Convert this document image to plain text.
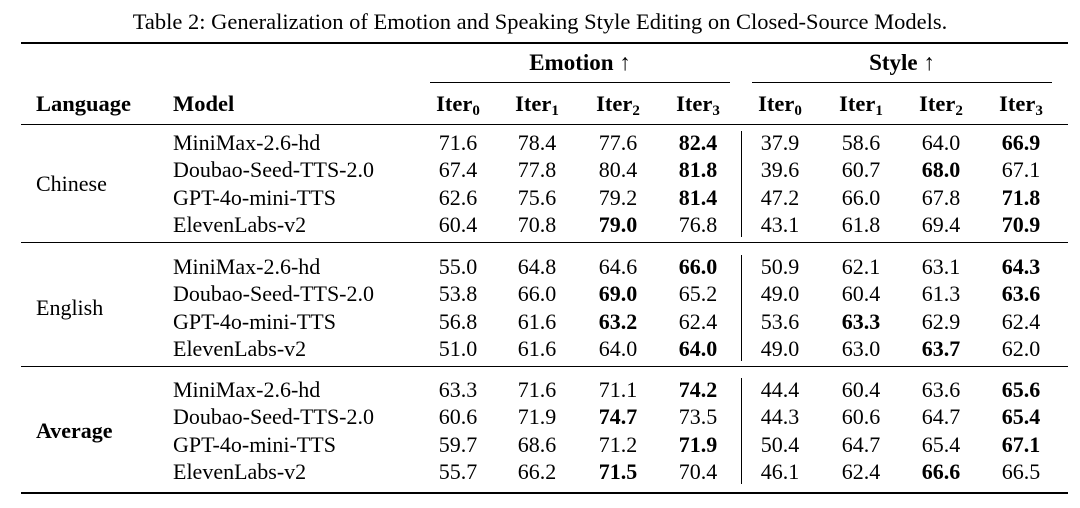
Table 2: Generalization of Emotion and Speaking Style Editing on Closed-Source Models.
Emotion ↑	Style ↑
Language Model	Iter$_0$	Iter$_1$	Iter$_2$	Iter$_3$	Iter$_0$	Iter$_1$	Iter$_2$	Iter$_3$
Chinese
MiniMax-2.6-hd	71.6	78.4	77.6	82.4	37.9	58.6	64.0	66.9
Doubao-Seed-TTS-2.0	67.4	77.8	80.4	81.8	39.6	60.7	68.0	67.1
GPT-4o-mini-TTS	62.6	75.6	79.2	81.4	47.2	66.0	67.8	71.8
ElevenLabs-v2	60.4	70.8	79.0	76.8	43.1	61.8	69.4	70.9
English
MiniMax-2.6-hd	55.0	64.8	64.6	66.0	50.9	62.1	63.1	64.3
Doubao-Seed-TTS-2.0	53.8	66.0	69.0	65.2	49.0	60.4	61.3	63.6
GPT-4o-mini-TTS	56.8	61.6	63.2	62.4	53.6	63.3	62.9	62.4
ElevenLabs-v2	51.0	61.6	64.0	64.0	49.0	63.0	63.7	62.0
Average
MiniMax-2.6-hd	63.3	71.6	71.1	74.2	44.4	60.4	63.6	65.6
Doubao-Seed-TTS-2.0	60.6	71.9	74.7	73.5	44.3	60.6	64.7	65.4
GPT-4o-mini-TTS	59.7	68.6	71.2	71.9	50.4	64.7	65.4	67.1
ElevenLabs-v2	55.7	66.2	71.5	70.4	46.1	62.4	66.6	66.5
